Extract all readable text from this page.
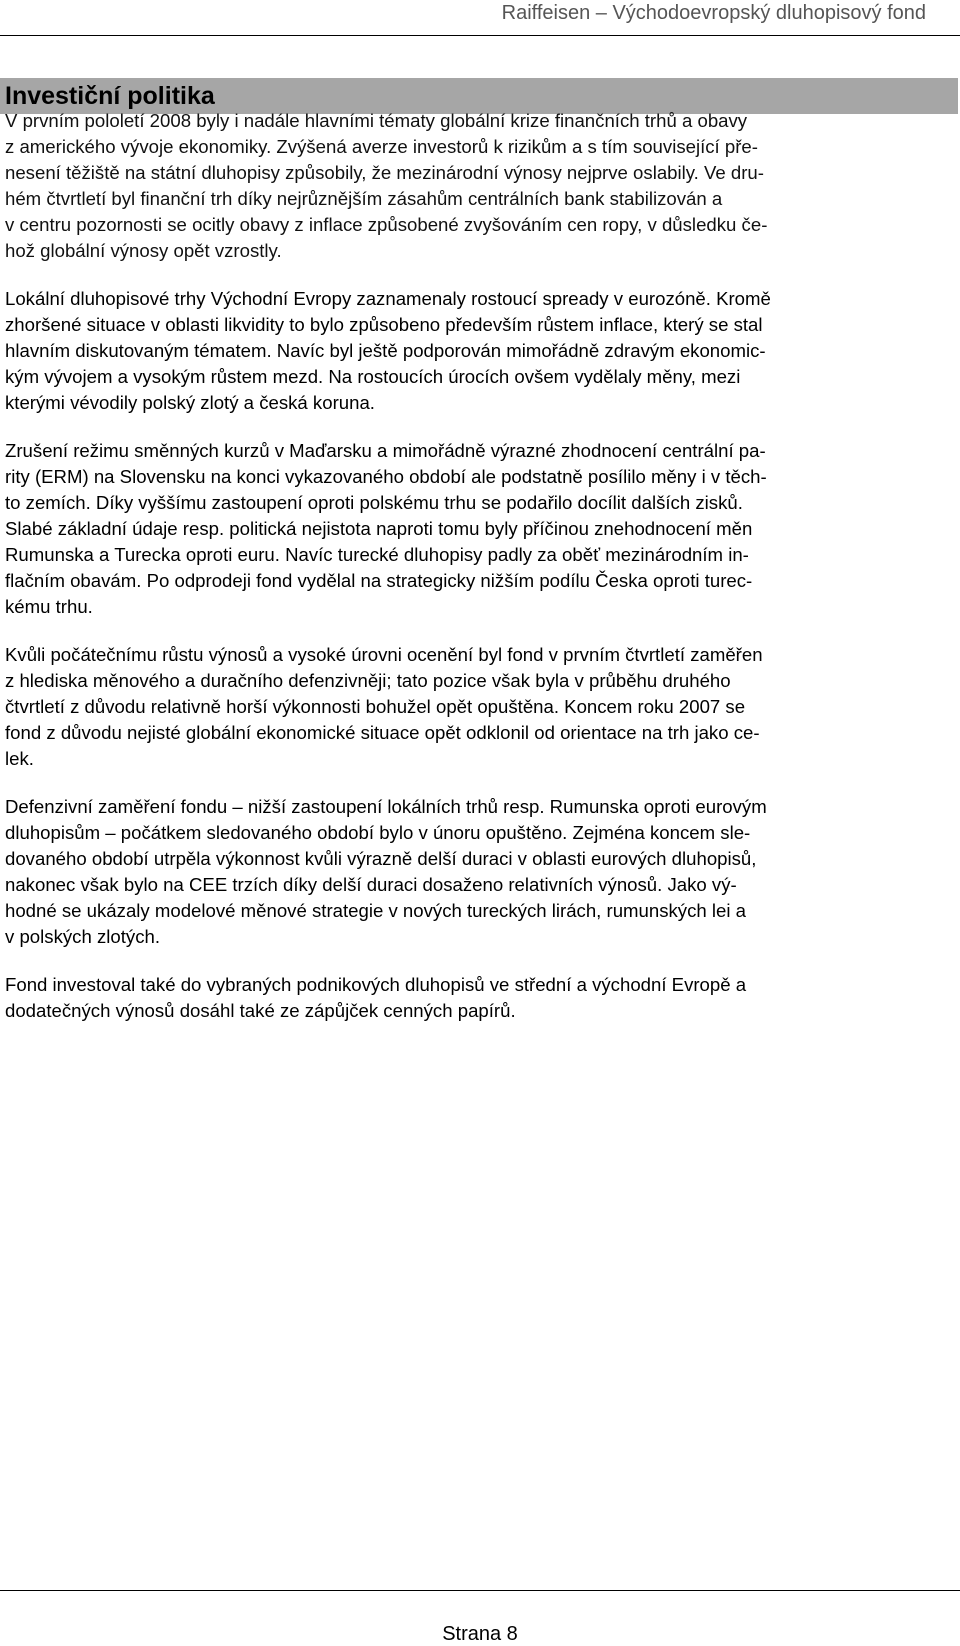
Raiffeisen – Východoevropský dluhopisový fond
Investiční politika

V prvním pololetí 2008 byly i nadále hlavními tématy globální krize finančních trhů a obavy
z amerického vývoje ekonomiky. Zvýšená averze investorů k rizikům a s tím související pře-
nesení těžiště na státní dluhopisy způsobily, že mezinárodní výnosy nejprve oslabily. Ve dru-
hém čtvrtletí byl finanční trh díky nejrůznějším zásahům centrálních bank stabilizován a
v centru pozornosti se ocitly obavy z inflace způsobené zvyšováním cen ropy, v důsledku če-
hož globální výnosy opět vzrostly.

Lokální dluhopisové trhy Východní Evropy zaznamenaly rostoucí spready v eurozóně. Kromě
zhoršené situace v oblasti likvidity to bylo způsobeno především růstem inflace, který se stal
hlavním diskutovaným tématem. Navíc byl ještě podporován mimořádně zdravým ekonomic-
kým vývojem a vysokým růstem mezd. Na rostoucích úrocích ovšem vydělaly měny, mezi
kterými vévodily polský zlotý a česká koruna.

Zrušení režimu směnných kurzů v Maďarsku a mimořádně výrazné zhodnocení centrální pa-
rity (ERM) na Slovensku na konci vykazovaného období ale podstatně posílilo měny i v těch-
to zemích. Díky vyššímu zastoupení oproti polskému trhu se podařilo docílit dalších zisků.
Slabé základní údaje resp. politická nejistota naproti tomu byly příčinou znehodnocení měn
Rumunska a Turecka oproti euru. Navíc turecké dluhopisy padly za oběť mezinárodním in-
flačním obavám. Po odprodeji fond vydělal na strategicky nižším podílu Česka oproti turec-
kému trhu.

Kvůli počátečnímu růstu výnosů a vysoké úrovni ocenění byl fond v prvním čtvrtletí zaměřen
z hlediska měnového a duračního defenzivněji; tato pozice však byla v průběhu druhého
čtvrtletí z důvodu relativně horší výkonnosti bohužel opět opuštěna. Koncem roku 2007 se
fond z důvodu nejisté globální ekonomické situace opět odklonil od orientace na trh jako ce-
lek.

Defenzivní zaměření fondu – nižší zastoupení lokálních trhů resp. Rumunska oproti eurovým
dluhopisům – počátkem sledovaného období bylo v únoru opuštěno. Zejména koncem sle-
dovaného období utrpěla výkonnost kvůli výrazně delší duraci v oblasti eurových dluhopisů,
nakonec však bylo na CEE trzích díky delší duraci dosaženo relativních výnosů. Jako vý-
hodné se ukázaly modelové měnové strategie v nových tureckých lirách, rumunských lei a
v polských zlotých.

Fond investoval také do vybraných podnikových dluhopisů ve střední a východní Evropě a
dodatečných výnosů dosáhl také ze zápůjček cenných papírů.

Strana 8
